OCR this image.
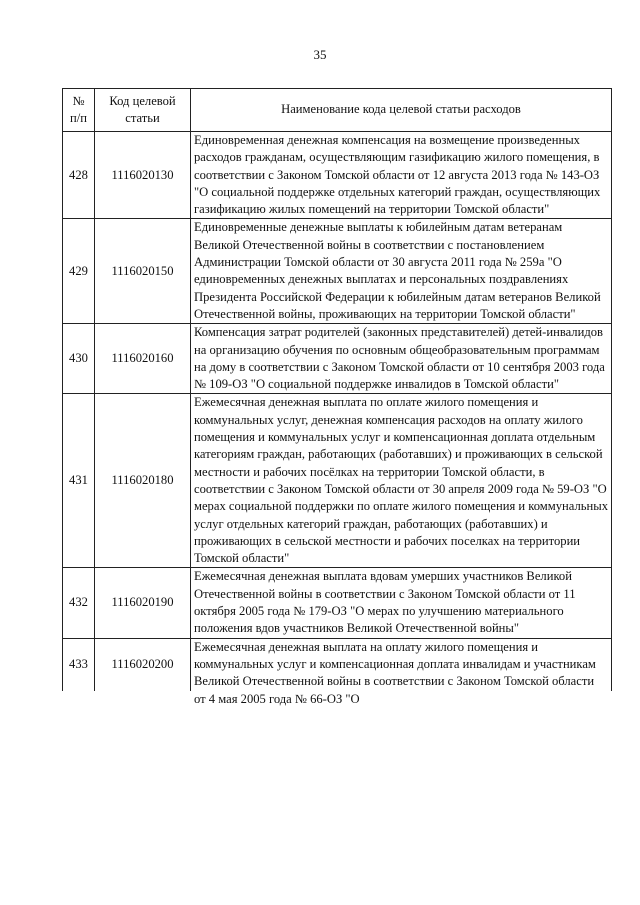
35
№ п/п	Код целевой статьи	Наименование кода целевой статьи расходов
428	1116020130	Единовременная денежная компенсация на возмещение произведенных расходов гражданам, осуществляющим газификацию жилого помещения, в соответствии с Законом Томской области от 12 августа 2013 года № 143-ОЗ "О социальной поддержке отдельных категорий граждан, осуществляющих газификацию жилых помещений на территории Томской области"
429	1116020150	Единовременные денежные выплаты к юбилейным датам ветеранам Великой Отечественной войны в соответствии с постановлением Администрации Томской области от 30 августа 2011 года № 259а "О единовременных денежных выплатах и персональных поздравлениях Президента Российской Федерации к юбилейным датам ветеранов Великой Отечественной войны, проживающих на территории Томской области"
430	1116020160	Компенсация затрат родителей (законных представителей) детей-инвалидов на организацию обучения по основным общеобразовательным программам на дому в соответствии с Законом Томской области от 10 сентября 2003 года № 109-ОЗ "О социальной поддержке инвалидов в Томской области"
431	1116020180	Ежемесячная денежная выплата по оплате жилого помещения и коммунальных услуг, денежная компенсация расходов на оплату жилого помещения и коммунальных услуг и компенсационная доплата отдельным категориям граждан, работающих (работавших) и проживающих в сельской местности и рабочих посёлках на территории Томской области, в соответствии с Законом Томской области от 30 апреля 2009 года № 59-ОЗ "О мерах социальной поддержки по оплате жилого помещения и коммунальных услуг отдельных категорий граждан, работающих (работавших) и проживающих в сельской местности и рабочих поселках на территории Томской области"
432	1116020190	Ежемесячная денежная выплата вдовам умерших участников Великой Отечественной войны в соответствии с Законом Томской области от 11 октября 2005 года № 179-ОЗ "О мерах по улучшению материального положения вдов участников Великой Отечественной войны"
433	1116020200	Ежемесячная денежная выплата на оплату жилого помещения и коммунальных услуг и компенсационная доплата инвалидам и участникам Великой Отечественной войны в соответствии с Законом Томской области от 4 мая 2005 года № 66-ОЗ "О
